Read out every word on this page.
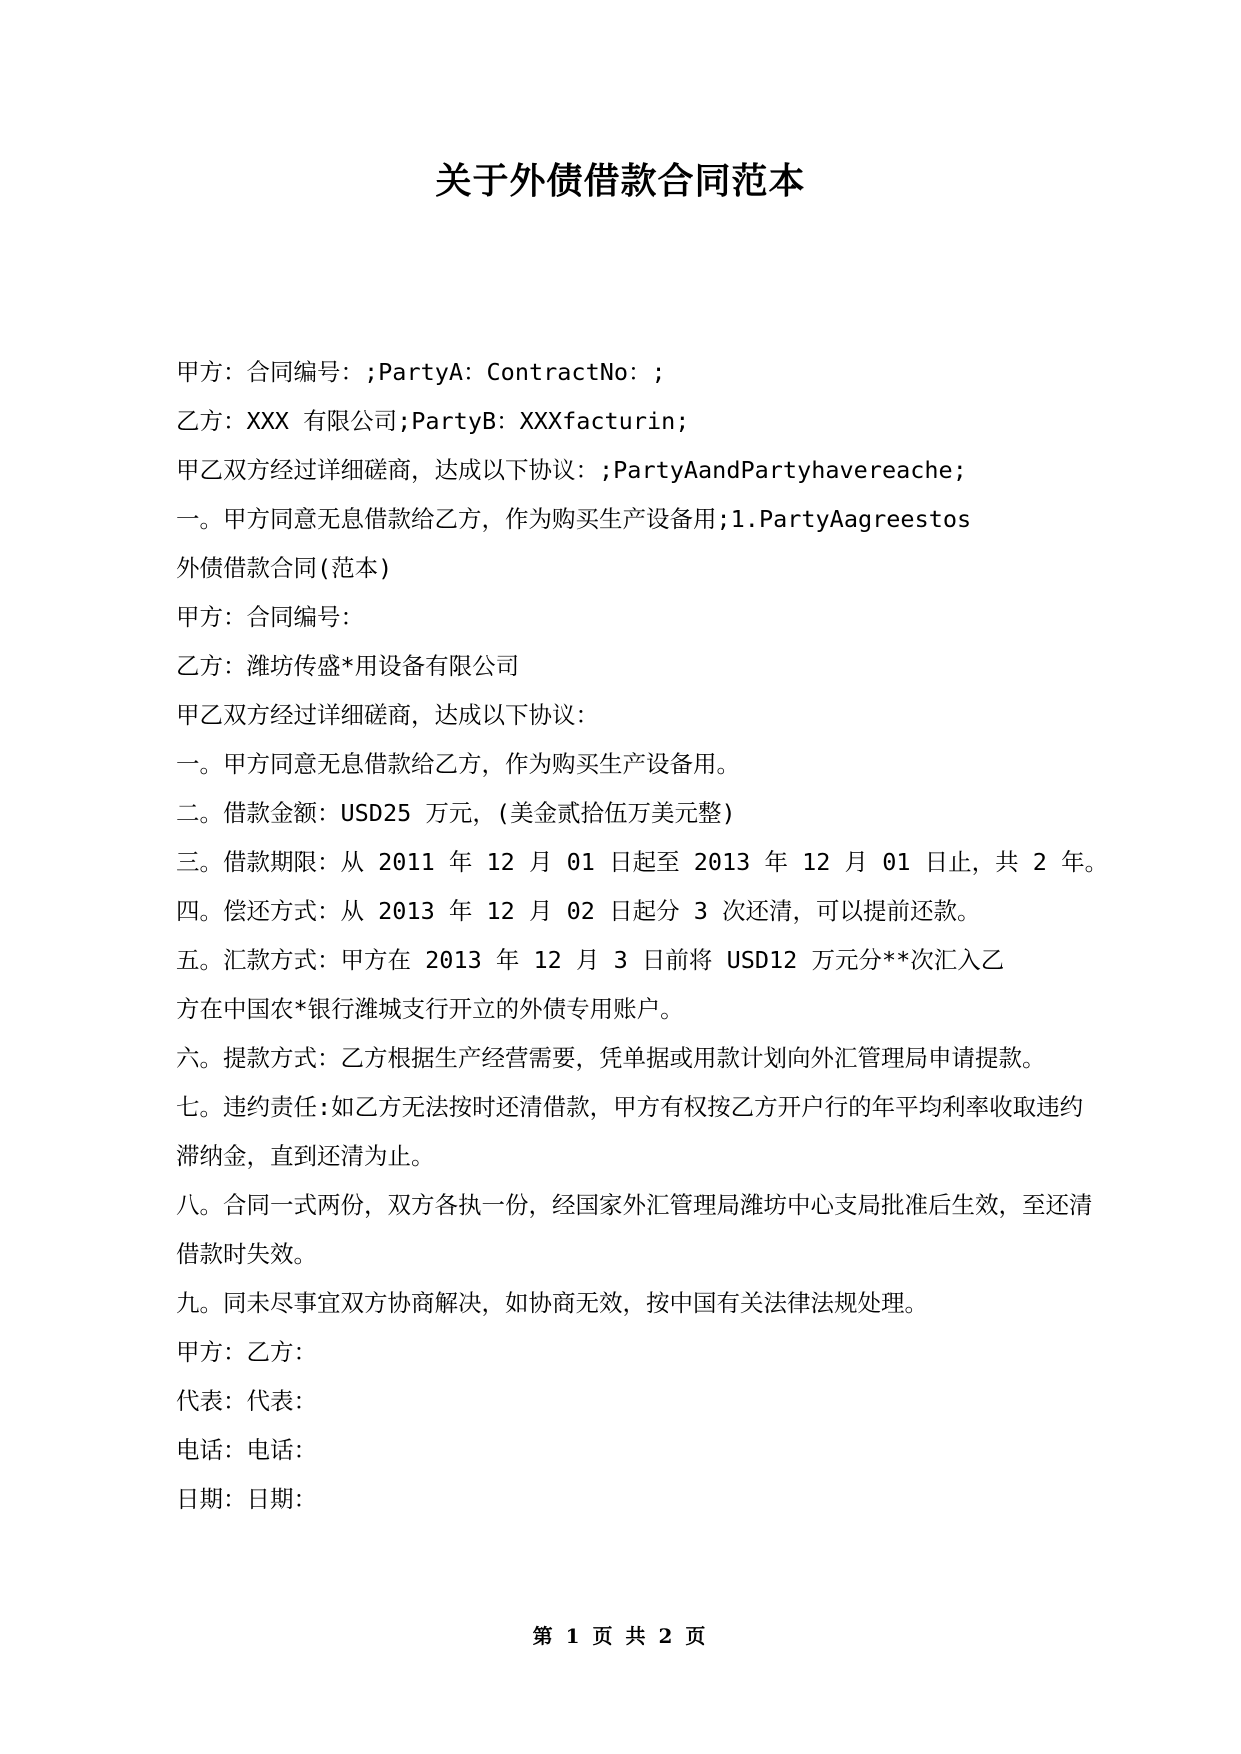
关于外债借款合同范本

甲方：合同编号：;PartyA：ContractNo：;

乙方：XXX 有限公司;PartyB：XXXfacturin;

甲乙双方经过详细磋商，达成以下协议：;PartyAandPartyhavereache;

一。甲方同意无息借款给乙方，作为购买生产设备用;1.PartyAagreestos

外债借款合同(范本)

甲方：合同编号：

乙方：潍坊传盛*用设备有限公司

甲乙双方经过详细磋商，达成以下协议：

一。甲方同意无息借款给乙方，作为购买生产设备用。

二。借款金额：USD25 万元，(美金贰拾伍万美元整)

三。借款期限：从 2011 年 12 月 01 日起至 2013 年 12 月 01 日止，共 2 年。

四。偿还方式：从 2013 年 12 月 02 日起分 3 次还清，可以提前还款。

五。汇款方式：甲方在 2013 年 12 月 3 日前将 USD12 万元分**次汇入乙

方在中国农*银行潍城支行开立的外债专用账户。

六。提款方式：乙方根据生产经营需要，凭单据或用款计划向外汇管理局申请提款。

七。违约责任:如乙方无法按时还清借款，甲方有权按乙方开户行的年平均利率收取违约滞纳金，直到还清为止。

八。合同一式两份，双方各执一份，经国家外汇管理局潍坊中心支局批准后生效，至还清借款时失效。

九。同未尽事宜双方协商解决，如协商无效，按中国有关法律法规处理。

甲方：乙方：

代表：代表：

电话：电话：

日期：日期：

第 1 页 共 2 页
